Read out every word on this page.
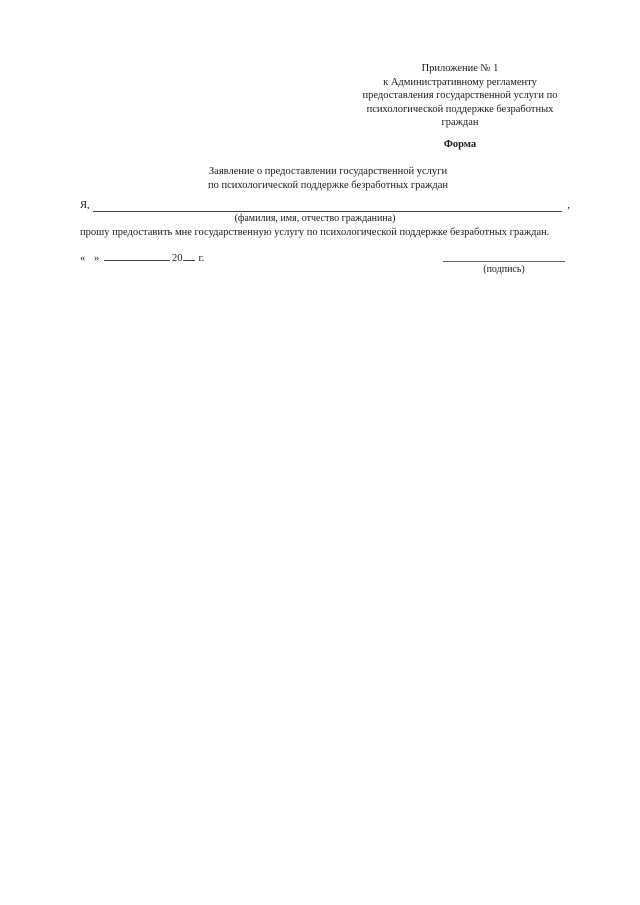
Приложение № 1
к Административному регламенту
предоставления государственной услуги по
психологической поддержке безработных
граждан
Форма
Заявление о предоставлении государственной услуги
по психологической поддержке безработных граждан
Я,	,
(фамилия, имя, отчество гражданина)
прошу предоставить мне государственную услугу по психологической поддержке безработных граждан.
« »	20 г.
(подпись)
